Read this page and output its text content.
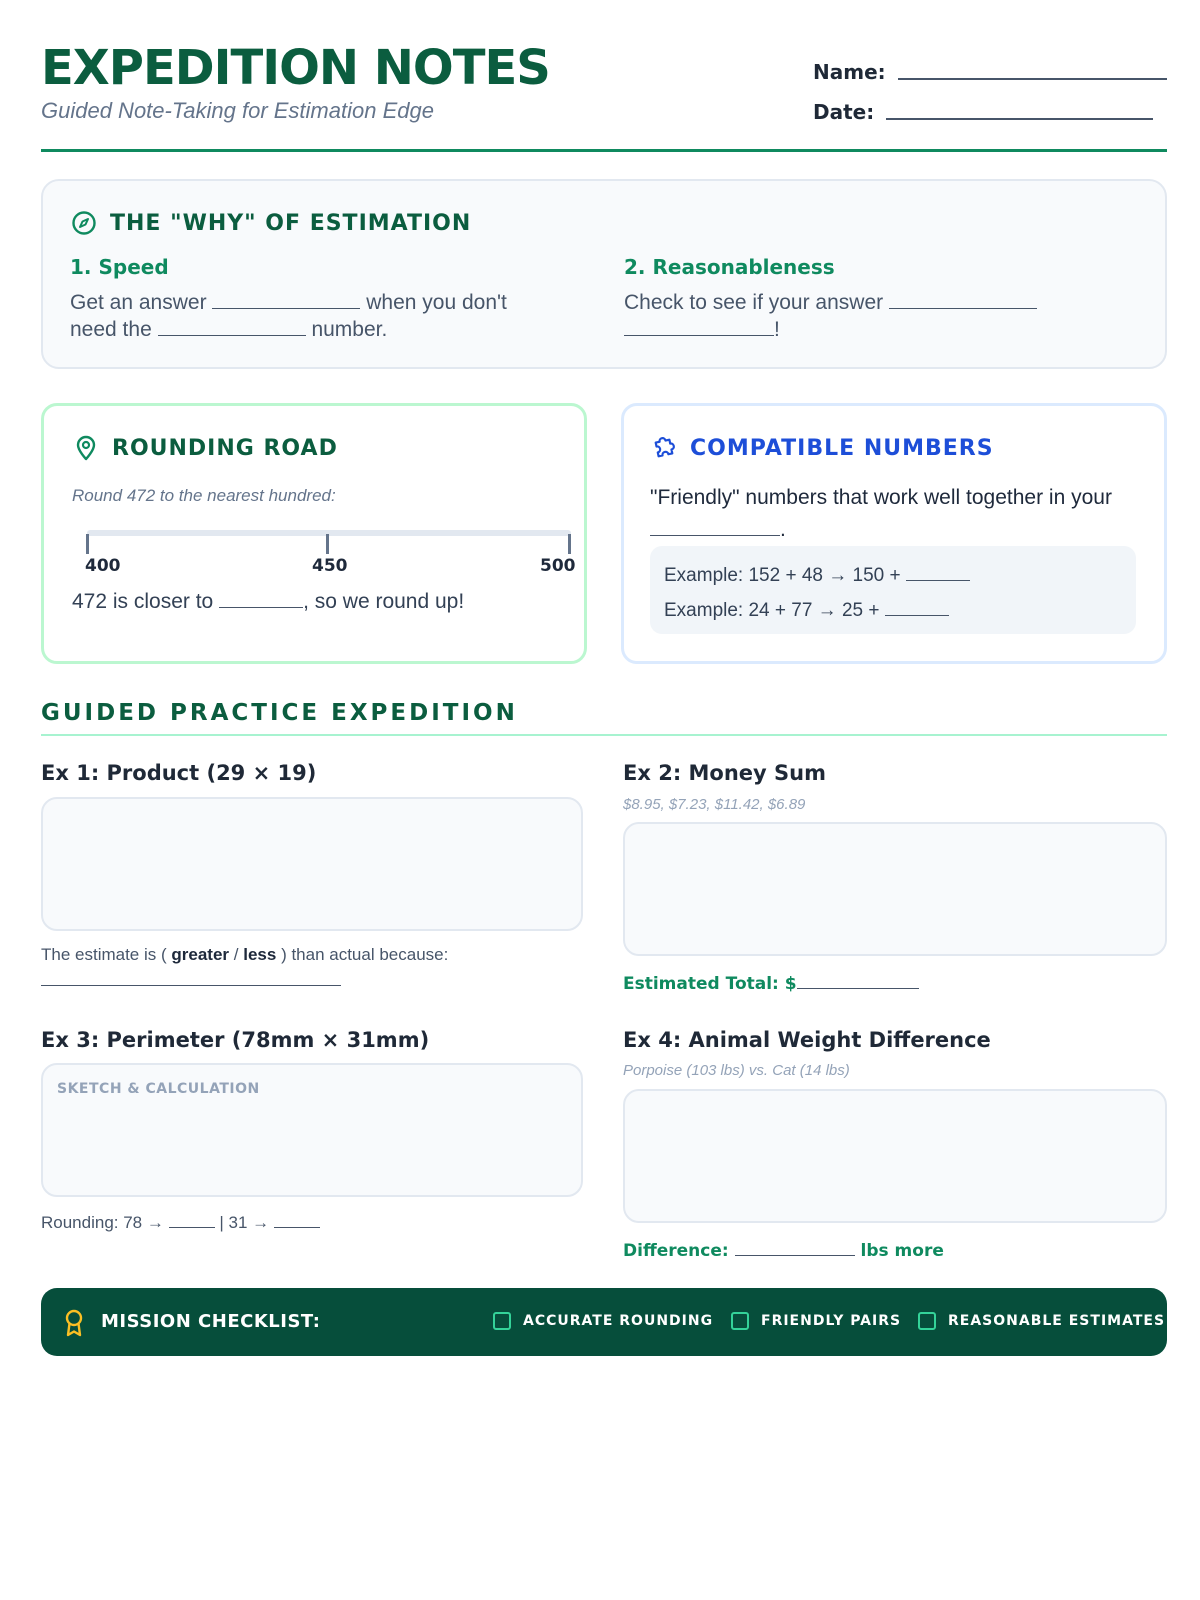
EXPEDITION NOTES
Guided Note-Taking for Estimation Edge
Name:
Date:
THE "WHY" OF ESTIMATION
1. Speed

Get an answer	when you don't
need the	number.

2. Reasonableness

Check to see if your answer
!

ROUNDING ROAD
Round 472 to the nearest hundred:
400	450	500
472 is closer to	, so we round up!
COMPATIBLE NUMBERS
"Friendly" numbers that work well together in your
.
Example: 152 + 48 → 150 +
Example: 24 + 77 → 25 +
GUIDED PRACTICE EXPEDITION
Ex 1: Product (29 × 19)
The estimate is ( greater / less ) than actual because:
Ex 2: Money Sum
$8.95, $7.23, $11.42, $6.89
Estimated Total: $
Ex 3: Perimeter (78mm × 31mm)
SKETCH & CALCULATION
Rounding: 78 →	| 31 →
Ex 4: Animal Weight Difference
Porpoise (103 lbs) vs. Cat (14 lbs)
Difference:	lbs more
MISSION CHECKLIST:	ACCURATE ROUNDING	FRIENDLY PAIRS	REASONABLE ESTIMATES
